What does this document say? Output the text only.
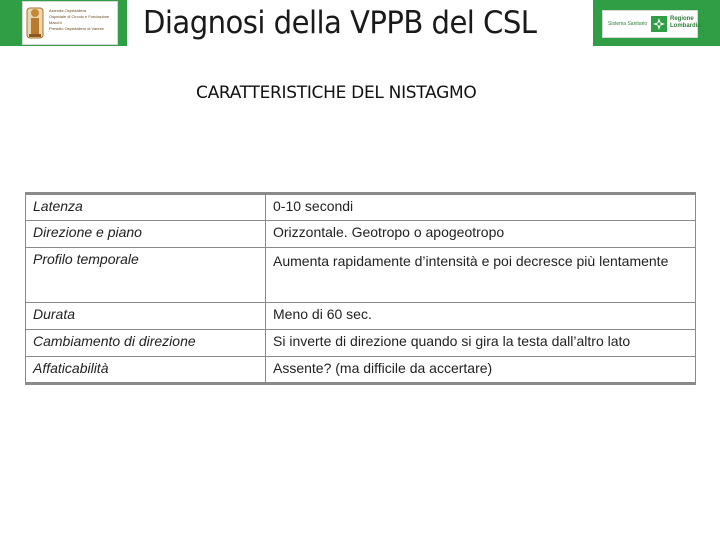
Azienda Ospedaliera
Ospedale di Circolo e Fondazione
Macchi
Presidio Ospedaliero di Varese Diagnosi della VPPB del CSL	Sistema Sanitario
Regione
Lombardia
CARATTERISTICHE DEL NISTAGMO
Latenza	0-10 secondi
Direzione e piano	Orizzontale. Geotropo o apogeotropo
Profilo temporale	Aumenta rapidamente d’intensità e poi decresce più lentamente
Durata	Meno di 60 sec.
Cambiamento di direzione	Si inverte di direzione quando si gira la testa dall’altro lato
Affaticabilità	Assente? (ma difficile da accertare)
